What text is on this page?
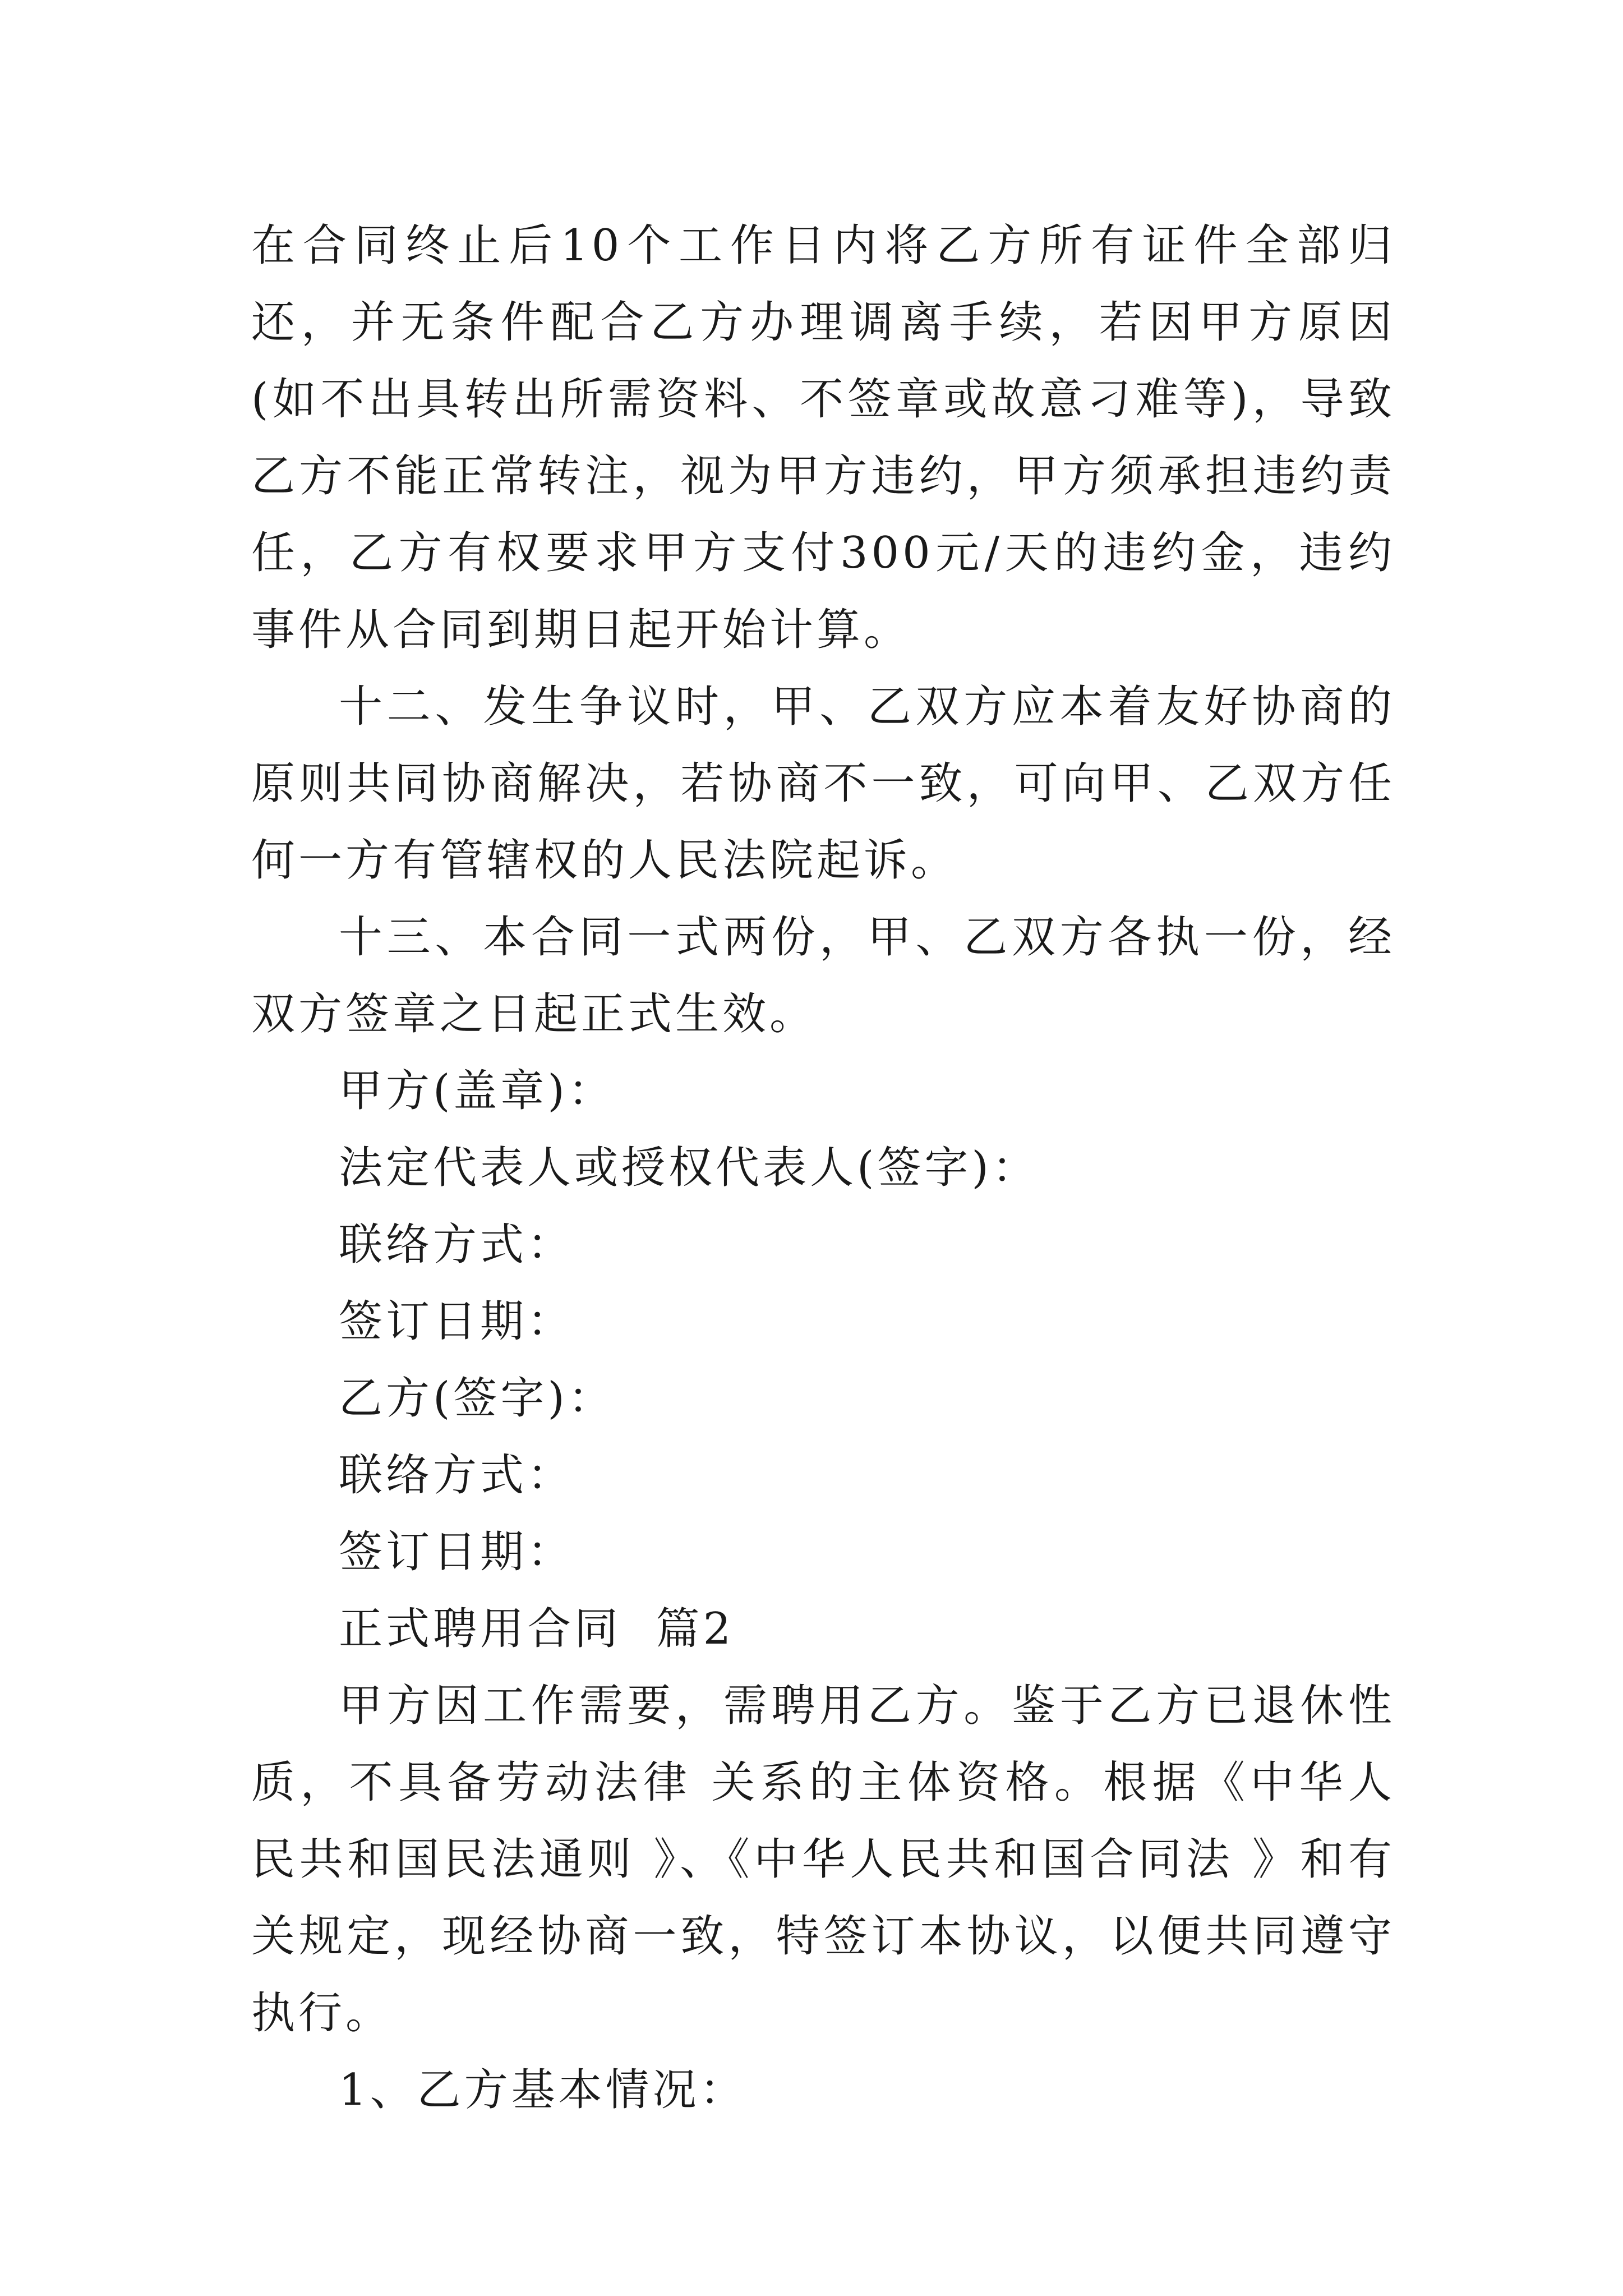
在合同终止后10个工作日内将乙方所有证件全部归还，并无条件配合乙方办理调离手续，若因甲方原因(如不出具转出所需资料、不签章或故意刁难等)，导致乙方不能正常转注，视为甲方违约，甲方须承担违约责任，乙方有权要求甲方支付300元/天的违约金，违约事件从合同到期日起开始计算。

十二、发生争议时，甲、乙双方应本着友好协商的原则共同协商解决，若协商不一致，可向甲、乙双方任何一方有管辖权的人民法院起诉。

十三、本合同一式两份，甲、乙双方各执一份，经双方签章之日起正式生效。

甲方(盖章)：

法定代表人或授权代表人(签字)：

联络方式：

签订日期：

乙方(签字)：

联络方式：

签订日期：

正式聘用合同  篇2

甲方因工作需要，需聘用乙方。鉴于乙方已退休性质，不具备劳动法律 关系的主体资格。根据《中华人民共和国民法通则 》、《中华人民共和国合同法 》和有关规定，现经协商一致，特签订本协议，以便共同遵守执行。

1、乙方基本情况：
